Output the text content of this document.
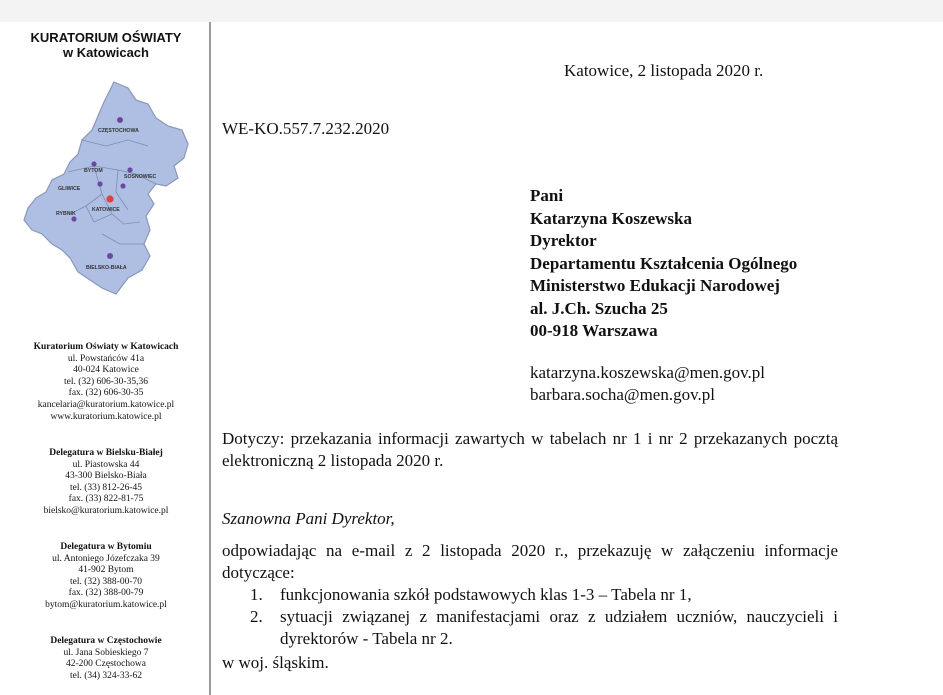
KURATORIUM OŚWIATY
w Katowicach
CZĘSTOCHOWA
BYTOM
SOSNOWIEC
GLIWICE
KATOWICE
RYBNIK
BIELSKO-BIAŁA
Kuratorium Oświaty w Katowicach
ul. Powstańców 41a
40-024 Katowice
tel. (32) 606-30-35,36
fax. (32) 606-30-35
kancelaria@kuratorium.katowice.pl
www.kuratorium.katowice.pl
Delegatura w Bielsku-Białej
ul. Piastowska 44
43-300 Bielsko-Biała
tel. (33) 812-26-45
fax. (33) 822-81-75
bielsko@kuratorium.katowice.pl
Delegatura w Bytomiu
ul. Antoniego Józefczaka 39
41-902 Bytom
tel. (32) 388-00-70
fax. (32) 388-00-79
bytom@kuratorium.katowice.pl
Delegatura w Częstochowie
ul. Jana Sobieskiego 7
42-200 Częstochowa
tel. (34) 324-33-62
Katowice, 2 listopada 2020 r.
WE-KO.557.7.232.2020
Pani
Katarzyna Koszewska
Dyrektor
Departamentu Kształcenia Ogólnego
Ministerstwo Edukacji Narodowej
al. J.Ch. Szucha 25
00-918 Warszawa
katarzyna.koszewska@men.gov.pl
barbara.socha@men.gov.pl
Dotyczy: przekazania informacji zawartych w tabelach nr 1 i nr 2 przekazanych pocztą elektroniczną 2 listopada 2020 r.
Szanowna Pani Dyrektor,
odpowiadając na e-mail z 2 listopada 2020 r., przekazuję w załączeniu informacje dotyczące:
1. funkcjonowania szkół podstawowych klas 1-3 – Tabela nr 1,
2. sytuacji związanej z manifestacjami oraz z udziałem uczniów, nauczycieli i dyrektorów - Tabela nr 2.
w woj. śląskim.
